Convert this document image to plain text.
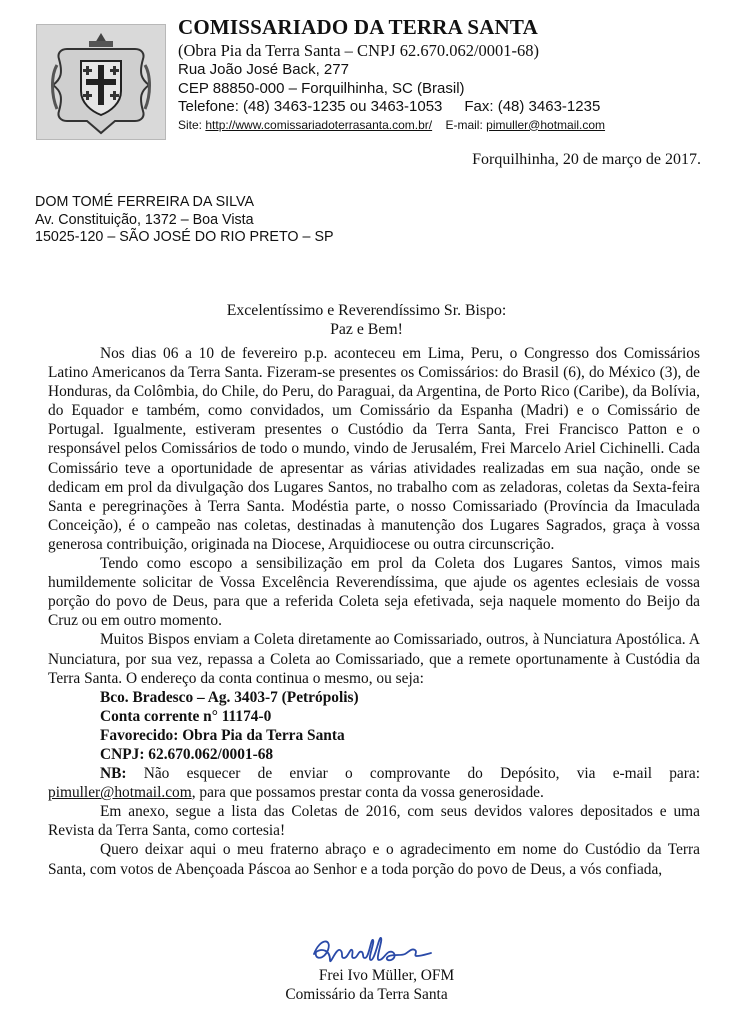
COMISSARIADO DA TERRA SANTA
(Obra Pia da Terra Santa – CNPJ 62.670.062/0001-68)
Rua João José Back, 277
CEP 88850-000 – Forquilhinha, SC (Brasil)
Telefone: (48) 3463-1235 ou 3463-1053 Fax: (48) 3463-1235
Site: http://www.comissariadoterrasanta.com.br/ E-mail: pimuller@hotmail.com
Forquilhinha, 20 de março de 2017.
DOM TOMÉ FERREIRA DA SILVA
Av. Constituição, 1372 – Boa Vista
15025-120 – SÃO JOSÉ DO RIO PRETO – SP
Excelentíssimo e Reverendíssimo Sr. Bispo:
Paz e Bem!

Nos dias 06 a 10 de fevereiro p.p. aconteceu em Lima, Peru, o Congresso dos Comissários Latino Americanos da Terra Santa. Fizeram-se presentes os Comissários: do Brasil (6), do México (3), de Honduras, da Colômbia, do Chile, do Peru, do Paraguai, da Argentina, de Porto Rico (Caribe), da Bolívia, do Equador e também, como convidados, um Comissário da Espanha (Madri) e o Comissário de Portugal. Igualmente, estiveram presentes o Custódio da Terra Santa, Frei Francisco Patton e o responsável pelos Comissários de todo o mundo, vindo de Jerusalém, Frei Marcelo Ariel Cichinelli. Cada Comissário teve a oportunidade de apresentar as várias atividades realizadas em sua nação, onde se dedicam em prol da divulgação dos Lugares Santos, no trabalho com as zeladoras, coletas da Sexta-feira Santa e peregrinações à Terra Santa. Modéstia parte, o nosso Comissariado (Província da Imaculada Conceição), é o campeão nas coletas, destinadas à manutenção dos Lugares Sagrados, graça à vossa generosa contribuição, originada na Diocese, Arquidiocese ou outra circunscrição.

Tendo como escopo a sensibilização em prol da Coleta dos Lugares Santos, vimos mais humildemente solicitar de Vossa Excelência Reverendíssima, que ajude os agentes eclesiais de vossa porção do povo de Deus, para que a referida Coleta seja efetivada, seja naquele momento do Beijo da Cruz ou em outro momento.

Muitos Bispos enviam a Coleta diretamente ao Comissariado, outros, à Nunciatura Apostólica. A Nunciatura, por sua vez, repassa a Coleta ao Comissariado, que a remete oportunamente à Custódia da Terra Santa. O endereço da conta continua o mesmo, ou seja:

Bco. Bradesco – Ag. 3403-7 (Petrópolis)
Conta corrente n° 11174-0
Favorecido: Obra Pia da Terra Santa
CNPJ: 62.670.062/0001-68
NB: Não esquecer de enviar o comprovante do Depósito, via e-mail para: pimuller@hotmail.com, para que possamos prestar conta da vossa generosidade.

Em anexo, segue a lista das Coletas de 2016, com seus devidos valores depositados e uma Revista da Terra Santa, como cortesia!

Quero deixar aqui o meu fraterno abraço e o agradecimento em nome do Custódio da Terra Santa, com votos de Abençoada Páscoa ao Senhor e a toda porção do povo de Deus, a vós confiada,

Frei Ivo Müller, OFM
Comissário da Terra Santa
